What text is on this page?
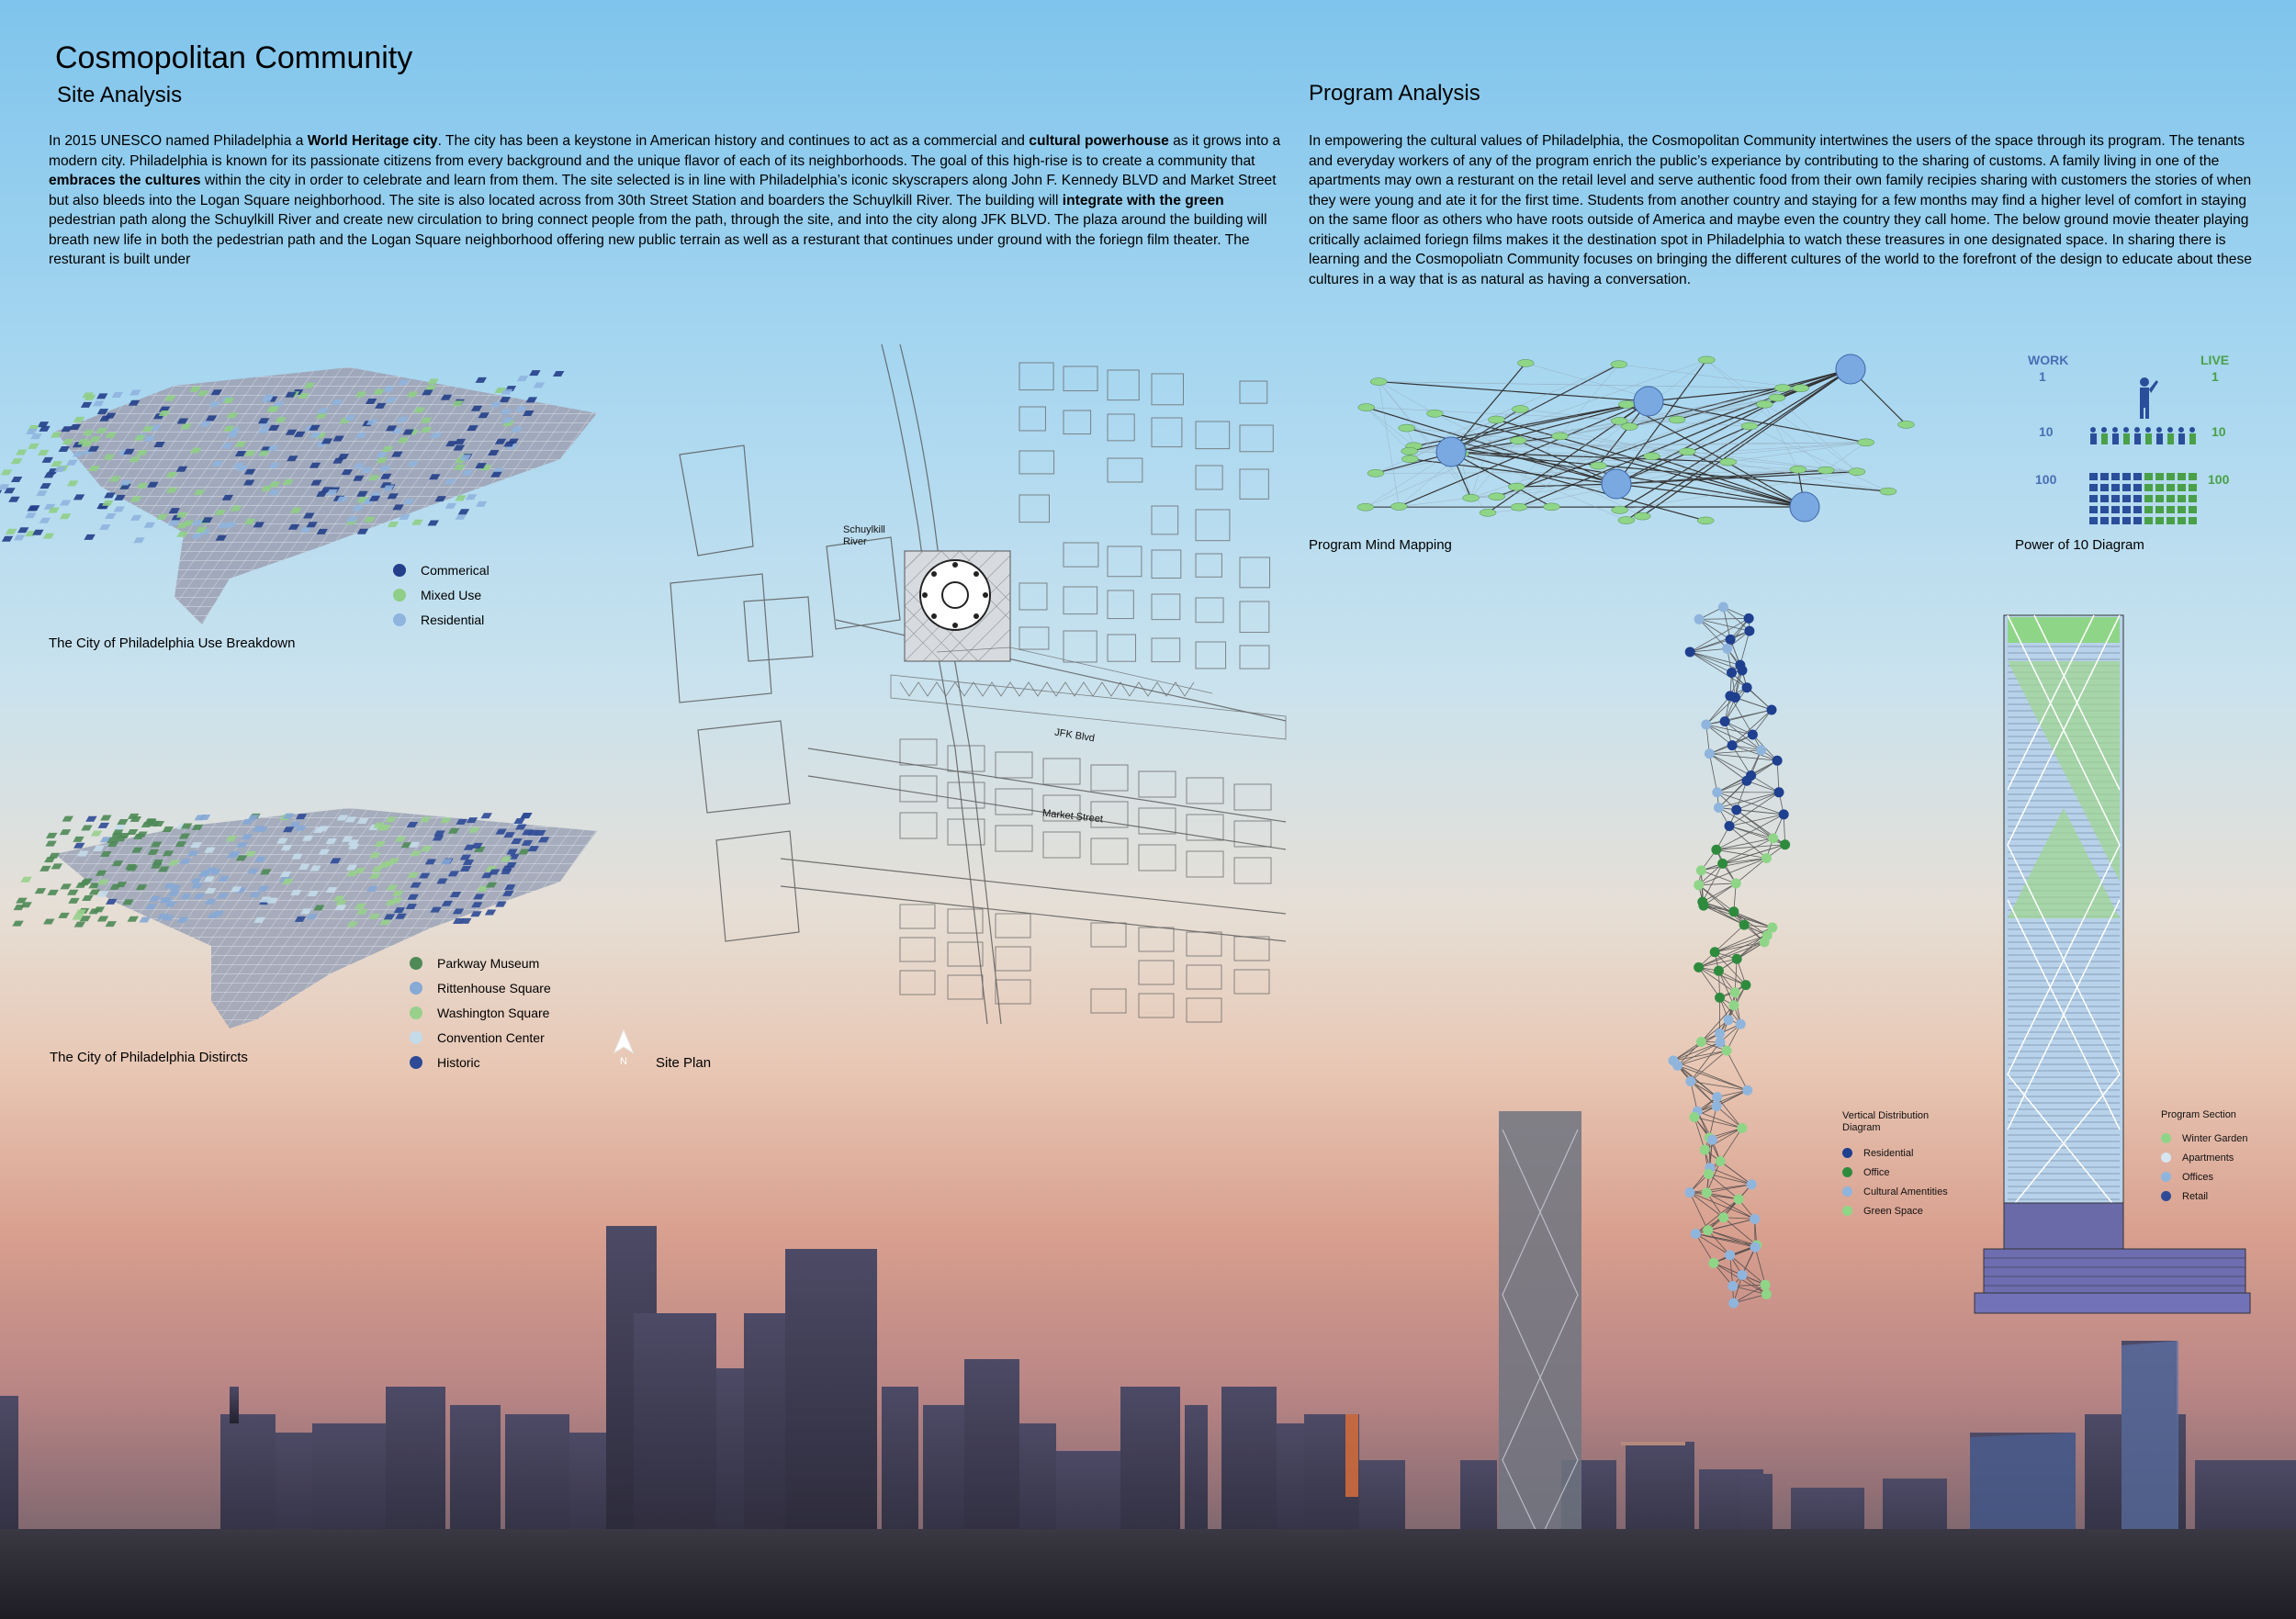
Cosmopolitan Community
Site Analysis	Program Analysis

In 2015 UNESCO named Philadelphia a World Heritage city. The city has been a keystone in American history and continues to act as a commercial and cultural powerhouse as it grows into a modern city. Philadelphia is known for its passionate citizens from every background and the unique flavor of each of its neighborhoods. The goal of this high-rise is to create a community that embraces the cultures within the city in order to celebrate and learn from them. The site selected is in line with Philadelphia’s iconic skyscrapers along John F. Kennedy BLVD and Market Street but also bleeds into the Logan Square neighborhood. The site is also located across from 30th Street Station and boarders the Schuylkill River. The building will integrate with the green pedestrian path along the Schuylkill River and create new circulation to bring connect people from the path, through the site, and into the city along JFK BLVD. The plaza around the building will breath new life in both the pedestrian path and the Logan Square neighborhood offering new public terrain as well as a resturant that continues under ground with the foriegn film theater. The resturant is built under

In empowering the cultural values of Philadelphia, the Cosmopolitan Community intertwines the users of the space through its program. The tenants and everyday workers of any of the program enrich the public’s experiance by contributing to the sharing of customs. A family living in one of the apartments may own a resturant on the retail level and serve authentic food from their own family recipies sharing with customers the stories of when they were young and ate it for the first time. Students from another country and staying for a few months may find a higher level of comfort in staying on the same floor as others who have roots outside of America and maybe even the country they call home. The below ground movie theater playing critically aclaimed foriegn films makes it the destination spot in Philadelphia to watch these treasures in one designated space. In sharing there is learning and the Cosmopoliatn Community focuses on bringing the different cultures of the world to the forefront of the design to educate about these cultures in a way that is as natural as having a conversation.

Commerical
Mixed Use
Residential
The City of Philadelphia Use Breakdown
Parkway Museum
Rittenhouse Square
Washington Square
Convention Center
Historic
The City of Philadelphia Distircts
Schuylkill
River
JFK Blvd
Market Street
N Site Plan
Program Mind Mapping
WORK
1
10
100
LIVE
1
10
100
Power of 10 Diagram
Vertical Distribution
Diagram
Residential
Office
Cultural Amentities
Green Space
Program Section
Winter Garden
Apartments
Offices
Retail
